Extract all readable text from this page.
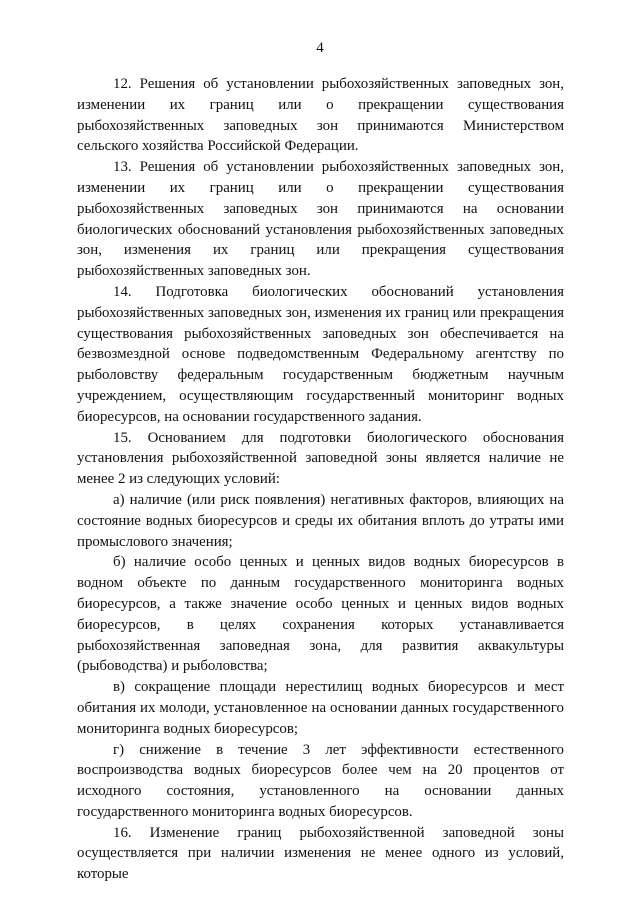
4

12. Решения об установлении рыбохозяйственных заповедных зон, изменении их границ или о прекращении существования рыбохозяйственных заповедных зон принимаются Министерством сельского хозяйства Российской Федерации.

13. Решения об установлении рыбохозяйственных заповедных зон, изменении их границ или о прекращении существования рыбохозяйственных заповедных зон принимаются на основании биологических обоснований установления рыбохозяйственных заповедных зон, изменения их границ или прекращения существования рыбохозяйственных заповедных зон.

14. Подготовка биологических обоснований установления рыбохозяйственных заповедных зон, изменения их границ или прекращения существования рыбохозяйственных заповедных зон обеспечивается на безвозмездной основе подведомственным Федеральному агентству по рыболовству федеральным государственным бюджетным научным учреждением, осуществляющим государственный мониторинг водных биоресурсов, на основании государственного задания.

15. Основанием для подготовки биологического обоснования установления рыбохозяйственной заповедной зоны является наличие не менее 2 из следующих условий:

а) наличие (или риск появления) негативных факторов, влияющих на состояние водных биоресурсов и среды их обитания вплоть до утраты ими промыслового значения;

б) наличие особо ценных и ценных видов водных биоресурсов в водном объекте по данным государственного мониторинга водных биоресурсов, а также значение особо ценных и ценных видов водных биоресурсов, в целях сохранения которых устанавливается рыбохозяйственная заповедная зона, для развития аквакультуры (рыбоводства) и рыболовства;

в) сокращение площади нерестилищ водных биоресурсов и мест обитания их молоди, установленное на основании данных государственного мониторинга водных биоресурсов;

г) снижение в течение 3 лет эффективности естественного воспроизводства водных биоресурсов более чем на 20 процентов от исходного состояния, установленного на основании данных государственного мониторинга водных биоресурсов.

16. Изменение границ рыбохозяйственной заповедной зоны осуществляется при наличии изменения не менее одного из условий, которые
